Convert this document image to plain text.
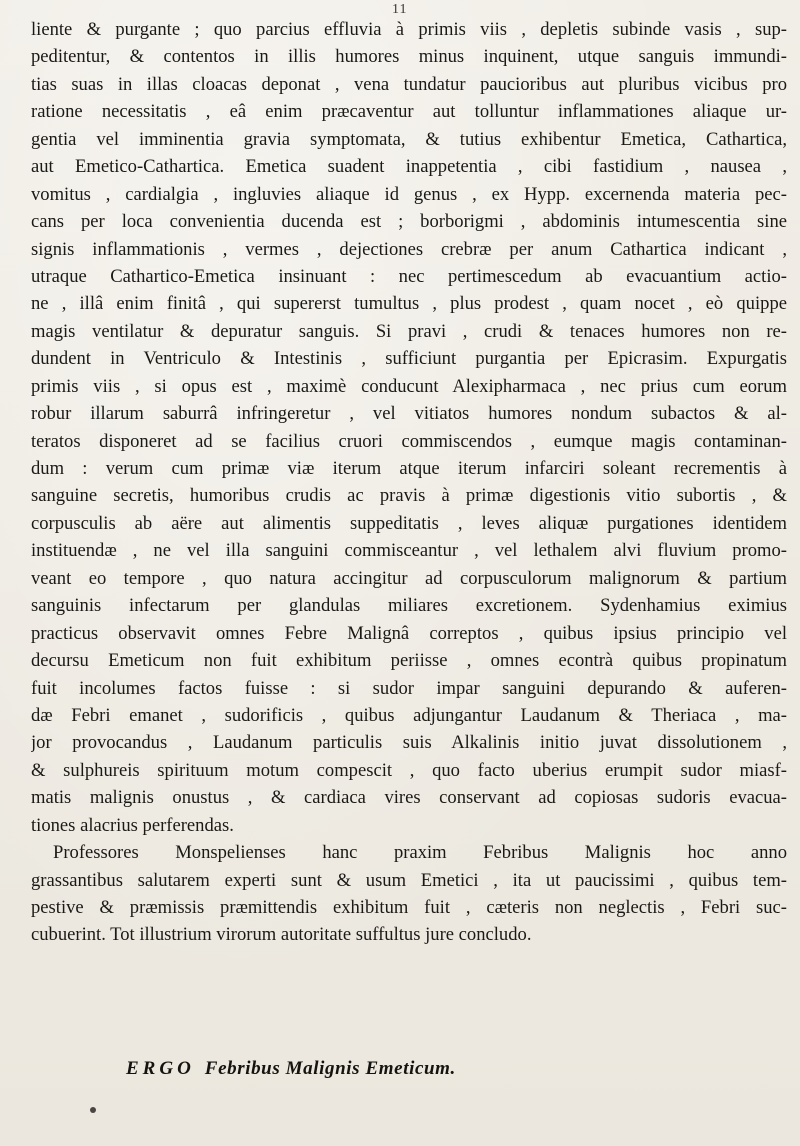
11
liente & purgante ; quo parcius effluvia à primis viis , depletis subinde vasis , sup-
peditentur, & contentos in illis humores minus inquinent, utque sanguis immundi-
tias suas in illas cloacas deponat , vena tundatur paucioribus aut pluribus vicibus pro
ratione necessitatis , eâ enim præcaventur aut tolluntur inflammationes aliaque ur-
gentia vel imminentia gravia symptomata, & tutius exhibentur Emetica, Cathartica,
aut Emetico-Cathartica. Emetica suadent inappetentia , cibi fastidium , nausea ,
vomitus , cardialgia , ingluvies aliaque id genus , ex Hypp. excernenda materia pec-
cans per loca convenientia ducenda est ; borborigmi , abdominis intumescentia sine
signis inflammationis , vermes , dejectiones crebræ per anum Cathartica indicant ,
utraque Cathartico-Emetica insinuant : nec pertimescedum ab evacuantium actio-
ne , illâ enim finitâ , qui supererst tumultus , plus prodest , quam nocet , eò quippe
magis ventilatur & depuratur sanguis. Si pravi , crudi & tenaces humores non re-
dundent in Ventriculo & Intestinis , sufficiunt purgantia per Epicrasim. Expurgatis
primis viis , si opus est , maximè conducunt Alexipharmaca , nec prius cum eorum
robur illarum saburrâ infringeretur , vel vitiatos humores nondum subactos & al-
teratos disponeret ad se facilius cruori commiscendos , eumque magis contaminan-
dum : verum cum primæ viæ iterum atque iterum infarciri soleant recrementis à
sanguine secretis, humoribus crudis ac pravis à primæ digestionis vitio subortis , &
corpusculis ab aëre aut alimentis suppeditatis , leves aliquæ purgationes identidem
instituendæ , ne vel illa sanguini commisceantur , vel lethalem alvi fluvium promo-
veant eo tempore , quo natura accingitur ad corpusculorum malignorum & partium
sanguinis infectarum per glandulas miliares excretionem. Sydenhamius eximius
practicus observavit omnes Febre Malignâ correptos , quibus ipsius principio vel
decursu Emeticum non fuit exhibitum periisse , omnes econtrà quibus propinatum
fuit incolumes factos fuisse : si sudor impar sanguini depurando & auferen-
dæ Febri emanet , sudorificis , quibus adjungantur Laudanum & Theriaca , ma-
jor provocandus , Laudanum particulis suis Alkalinis initio juvat dissolutionem ,
& sulphureis spirituum motum compescit , quo facto uberius erumpit sudor miasf-
matis malignis onustus , & cardiaca vires conservant ad copiosas sudoris evacua-
tiones alacrius perferendas.
Professores Monspelienses hanc praxim Febribus Malignis hoc anno
grassantibus salutarem experti sunt & usum Emetici , ita ut paucissimi , quibus tem-
pestive & præmissis præmittendis exhibitum fuit , cæteris non neglectis , Febri suc-
cubuerint. Tot illustrium virorum autoritate suffultus jure concludo.
ERGO Febribus Malignis Emeticum.
